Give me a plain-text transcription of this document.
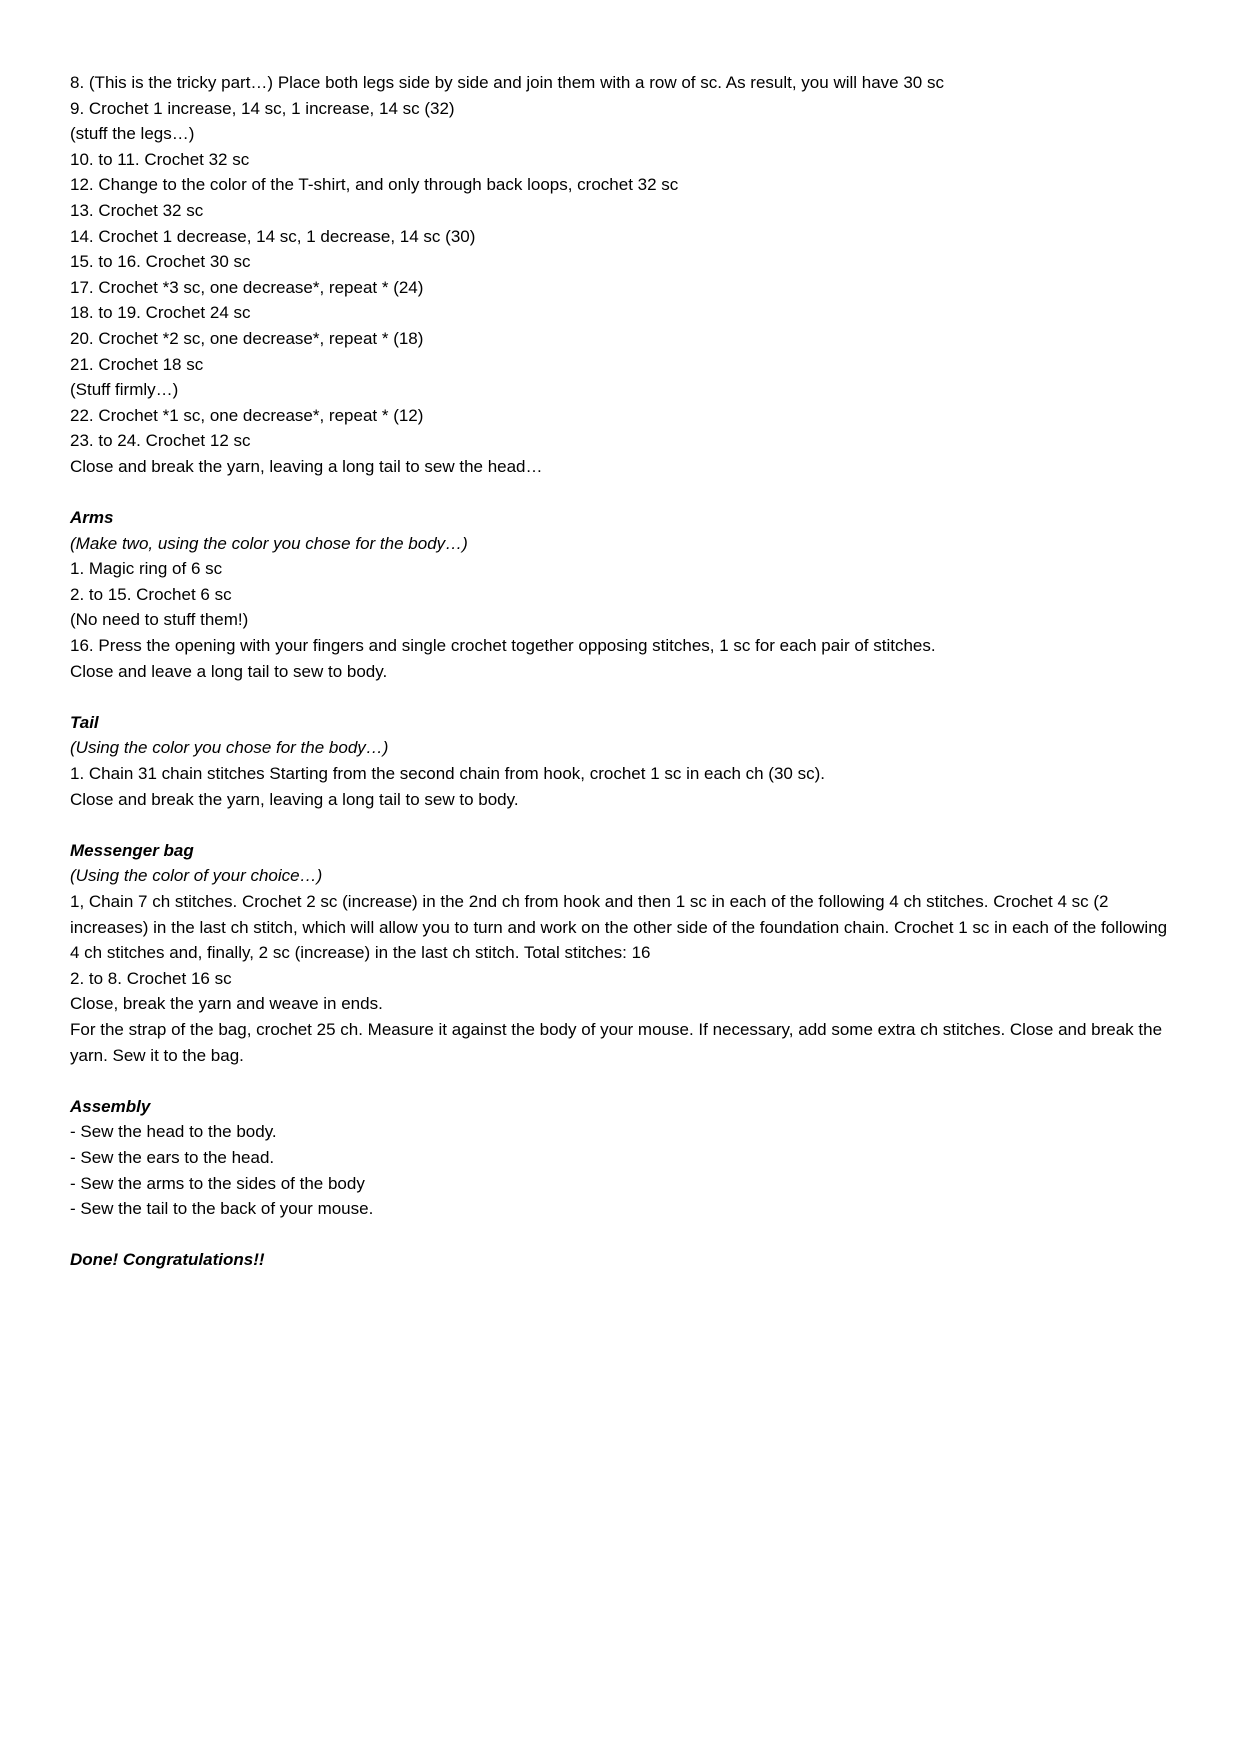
8. (This is the tricky part…) Place both legs side by side and join them with a row of sc. As result, you will have 30 sc

9. Crochet 1 increase, 14 sc, 1 increase, 14 sc (32)

(stuff the legs…)

10. to 11. Crochet 32 sc

12. Change to the color of the T-shirt, and only through back loops, crochet 32 sc

13. Crochet 32 sc

14. Crochet 1 decrease, 14 sc, 1 decrease, 14 sc (30)

15. to 16. Crochet 30 sc

17. Crochet *3 sc, one decrease*, repeat * (24)

18. to 19. Crochet 24 sc

20. Crochet *2 sc, one decrease*, repeat * (18)

21. Crochet 18 sc

(Stuff firmly…)

22. Crochet *1 sc, one decrease*, repeat * (12)

23. to 24. Crochet 12 sc

Close and break the yarn, leaving a long tail to sew the head…

Arms

(Make two, using the color you chose for the body…)

1. Magic ring of 6 sc

2. to 15. Crochet 6 sc

(No need to stuff them!)

16. Press the opening with your fingers and single crochet together opposing stitches, 1 sc for each pair of stitches.

Close and leave a long tail to sew to body.

Tail

(Using the color you chose for the body…)

1. Chain 31 chain stitches Starting from the second chain from hook, crochet 1 sc in each ch (30 sc).

Close and break the yarn, leaving a long tail to sew to body.

Messenger bag

(Using the color of your choice…)

1, Chain 7 ch stitches. Crochet 2 sc (increase) in the 2nd ch from hook and then 1 sc in each of the following 4 ch stitches. Crochet 4 sc (2 increases) in the last ch stitch, which will allow you to turn and work on the other side of the foundation chain. Crochet 1 sc in each of the following 4 ch stitches and, finally, 2 sc (increase) in the last ch stitch. Total stitches: 16

2. to 8. Crochet 16 sc

Close, break the yarn and weave in ends.

For the strap of the bag, crochet 25 ch. Measure it against the body of your mouse. If necessary, add some extra ch stitches. Close and break the yarn. Sew it to the bag.

Assembly

- Sew the head to the body.

- Sew the ears to the head.

- Sew the arms to the sides of the body

- Sew the tail to the back of your mouse.

Done! Congratulations!!
